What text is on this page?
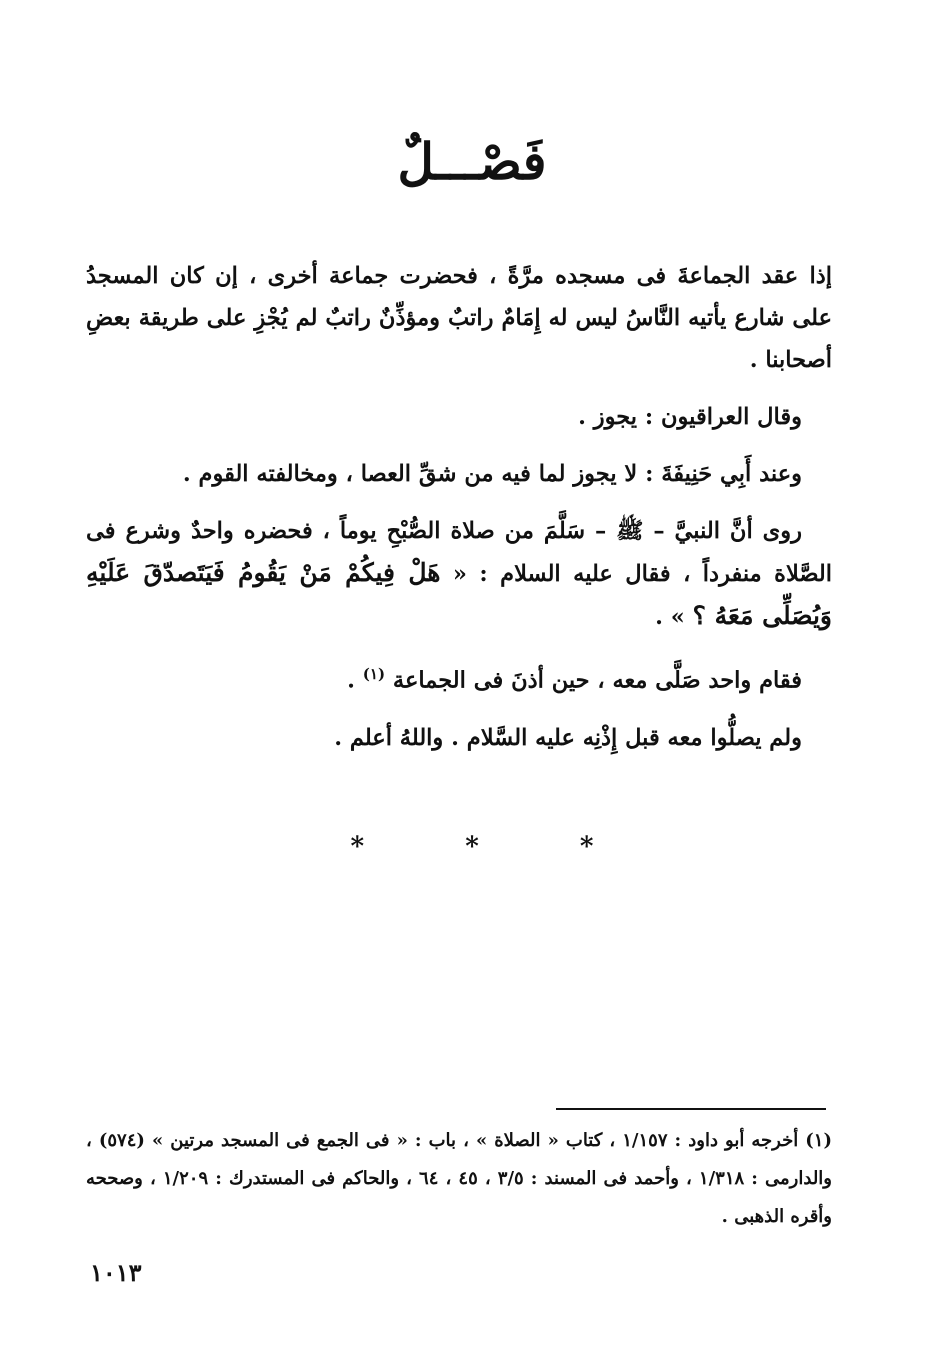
فَصْـــلٌ

إذا عقد الجماعةَ فى مسجده مرَّةً ، فحضرت جماعة أخرى ، إن كان المسجدُ على شارع يأتيه النَّاسُ ليس له إِمَامٌ راتبٌ ومؤذِّنٌ راتبٌ لم يُجْزِ على طريقة بعضِ أصحابنا .

وقال العراقيون : يجوز .

وعند أَبِي حَنِيفَةَ : لا يجوز لما فيه من شقِّ العصا ، ومخالفته القوم .

روى أنَّ النبيَّ – ﷺ – سَلَّمَ من صلاة الصُّبْحِ يوماً ، فحضره واحدٌ وشرع فى الصَّلاة منفرداً ، فقال عليه السلام : « هَلْ فِيكُمْ مَنْ يَقُومُ فَيَتَصدّقَ عَلَيْهِ وَيُصَلِّى مَعَهُ ؟ » .

فقام واحد صَلَّى معه ، حين أذنَ فى الجماعة $^{(١)}$ .

ولم يصلُّوا معه قبل إِذْنِه عليه السَّلام . واللهُ أعلم .

* * *

(١) أخرجه أبو داود : ١/١٥٧ ، كتاب « الصلاة » ، باب : « فى الجمع فى المسجد مرتين » (٥٧٤) ، والدارمى : ١/٣١٨ ، وأحمد فى المسند : ٣/٥ ، ٤٥ ، ٦٤ ، والحاكم فى المستدرك : ١/٢٠٩ ، وصححه وأقره الذهبى .

١٠١٣
